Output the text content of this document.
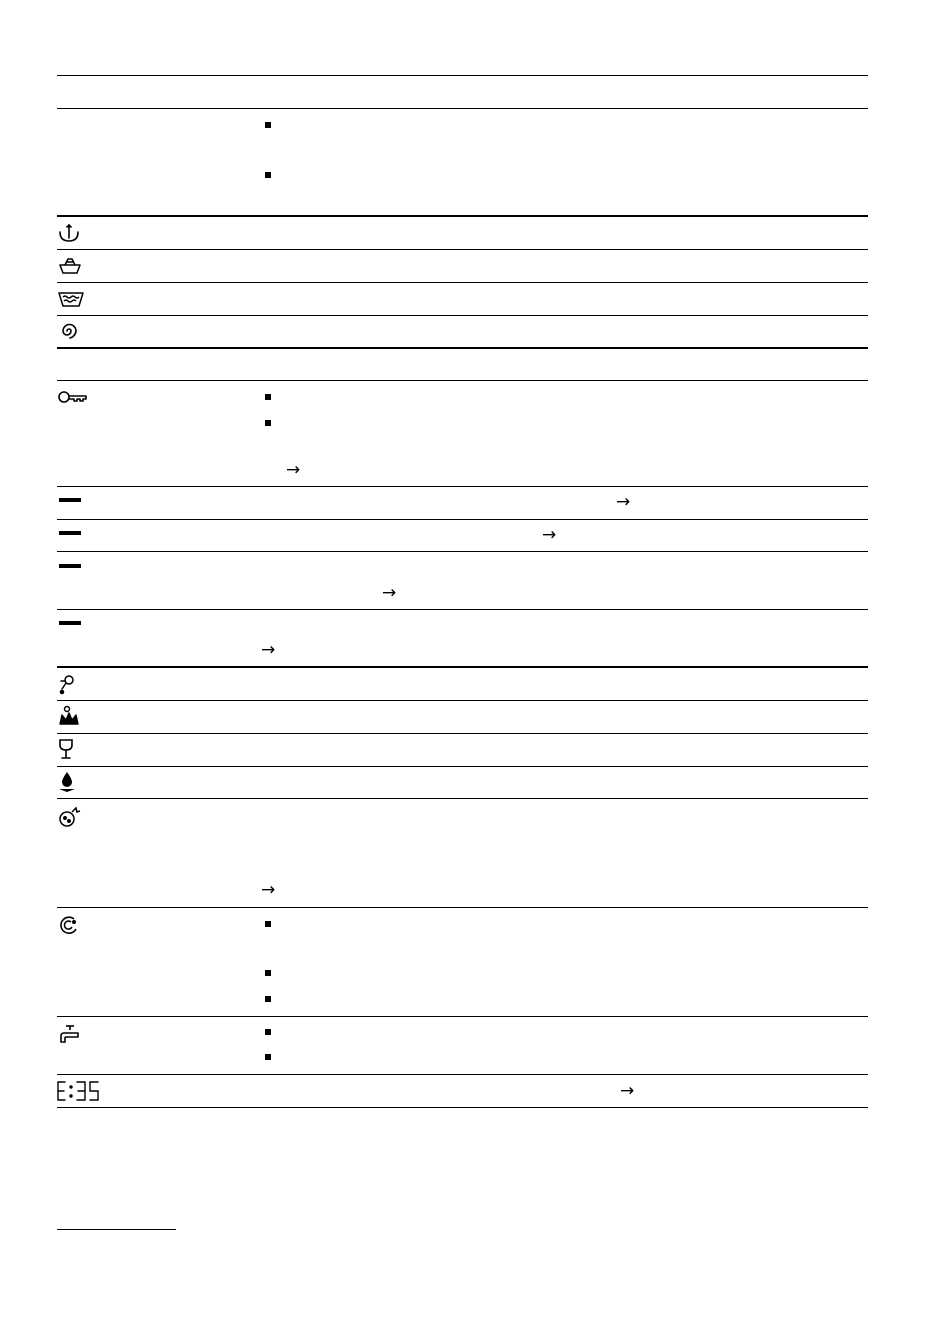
→
→
→
→
→
→
→
